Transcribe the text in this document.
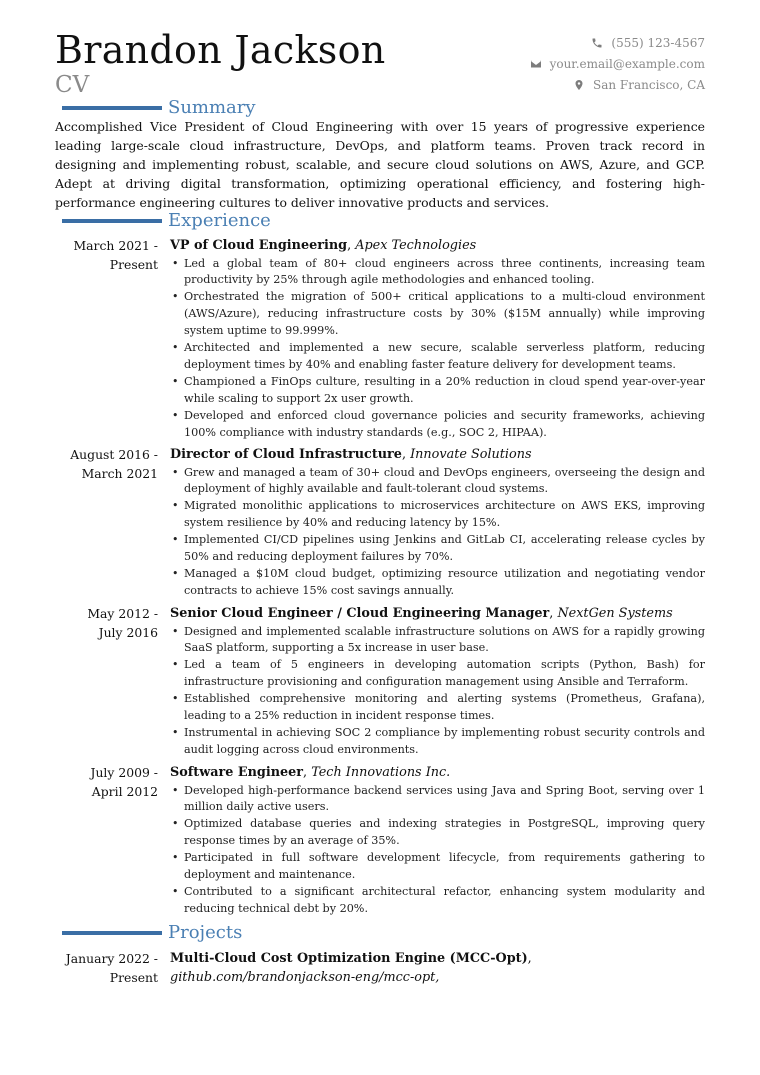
Brandon Jackson
CV
(555) 123-4567
your.email@example.com
San Francisco, CA
Summary
Accomplished Vice President of Cloud Engineering with over 15 years of progressive experience leading large-scale cloud infrastructure, DevOps, and platform teams. Proven track record in designing and implementing robust, scalable, and secure cloud solutions on AWS, Azure, and GCP. Adept at driving digital transformation, optimizing operational efficiency, and fostering high-performance engineering cultures to deliver innovative products and services.
Experience
March 2021 -
Present
VP of Cloud Engineering, Apex Technologies
• Led a global team of 80+ cloud engineers across three continents, increasing team productivity by 25% through agile methodologies and enhanced tooling.
• Orchestrated the migration of 500+ critical applications to a multi-cloud environment (AWS/Azure), reducing infrastructure costs by 30% ($15M annually) while improving system uptime to 99.999%.
• Architected and implemented a new secure, scalable serverless platform, reducing deployment times by 40% and enabling faster feature delivery for development teams.
• Championed a FinOps culture, resulting in a 20% reduction in cloud spend year-over-year while scaling to support 2x user growth.
• Developed and enforced cloud governance policies and security frameworks, achieving 100% compliance with industry standards (e.g., SOC 2, HIPAA).
August 2016 -
March 2021
Director of Cloud Infrastructure, Innovate Solutions
• Grew and managed a team of 30+ cloud and DevOps engineers, overseeing the design and deployment of highly available and fault-tolerant cloud systems.
• Migrated monolithic applications to microservices architecture on AWS EKS, improving system resilience by 40% and reducing latency by 15%.
• Implemented CI/CD pipelines using Jenkins and GitLab CI, accelerating release cycles by 50% and reducing deployment failures by 70%.
• Managed a $10M cloud budget, optimizing resource utilization and negotiating vendor contracts to achieve 15% cost savings annually.
May 2012 -
July 2016
Senior Cloud Engineer / Cloud Engineering Manager, NextGen Systems
• Designed and implemented scalable infrastructure solutions on AWS for a rapidly growing SaaS platform, supporting a 5x increase in user base.
• Led a team of 5 engineers in developing automation scripts (Python, Bash) for infrastructure provisioning and configuration management using Ansible and Terraform.
• Established comprehensive monitoring and alerting systems (Prometheus, Grafana), leading to a 25% reduction in incident response times.
• Instrumental in achieving SOC 2 compliance by implementing robust security controls and audit logging across cloud environments.
July 2009 -
April 2012
Software Engineer, Tech Innovations Inc.
• Developed high-performance backend services using Java and Spring Boot, serving over 1 million daily active users.
• Optimized database queries and indexing strategies in PostgreSQL, improving query response times by an average of 35%.
• Participated in full software development lifecycle, from requirements gathering to deployment and maintenance.
• Contributed to a significant architectural refactor, enhancing system modularity and reducing technical debt by 20%.
Projects
January 2022 -
Present
Multi-Cloud Cost Optimization Engine (MCC-Opt), github.com/brandonjackson-eng/mcc-opt,
